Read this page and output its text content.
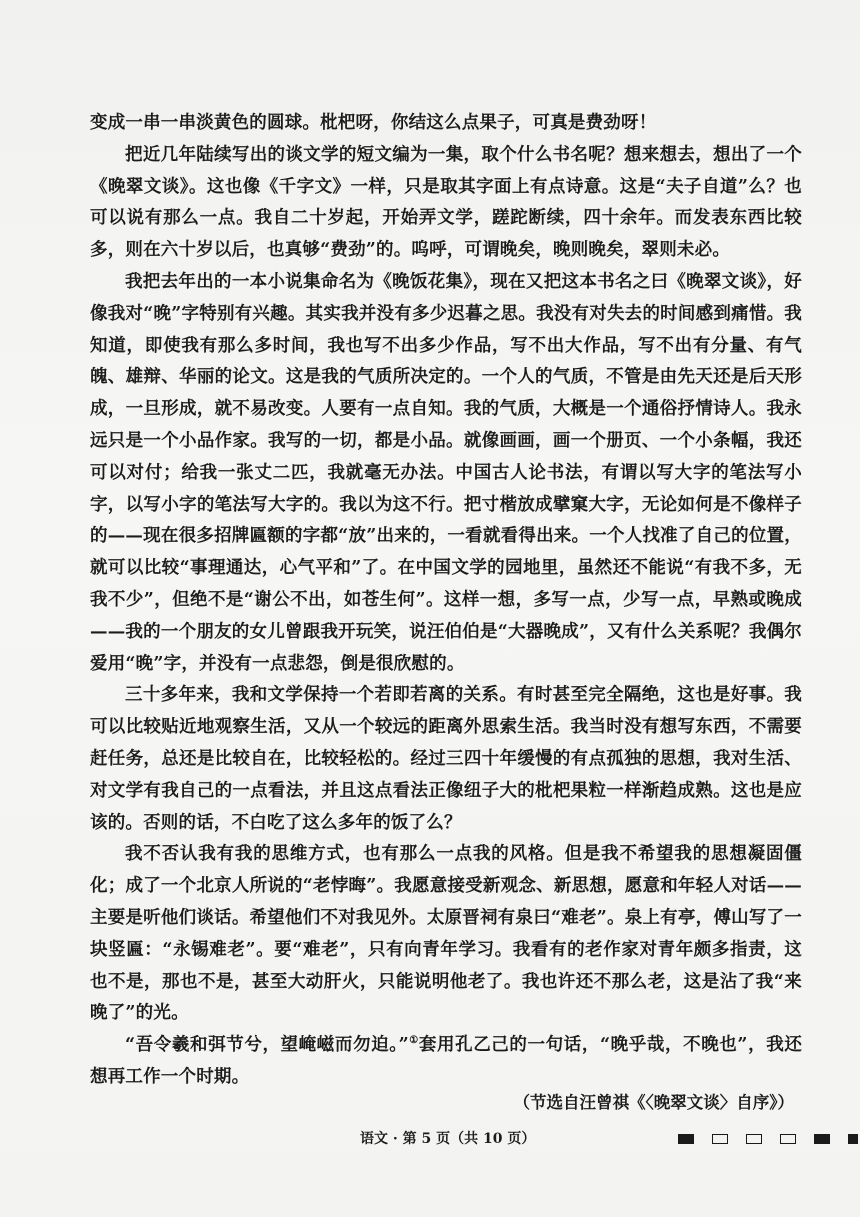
变成一串一串淡黄色的圆球。枇杷呀，你结这么点果子，可真是费劲呀！

把近几年陆续写出的谈文学的短文编为一集，取个什么书名呢？想来想去，想出了一个《晚翠文谈》。这也像《千字文》一样，只是取其字面上有点诗意。这是“夫子自道”么？也可以说有那么一点。我自二十岁起，开始弄文学，蹉跎断续，四十余年。而发表东西比较多，则在六十岁以后，也真够“费劲”的。呜呼，可谓晚矣，晚则晚矣，翠则未必。

我把去年出的一本小说集命名为《晚饭花集》，现在又把这本书名之曰《晚翠文谈》，好像我对“晚”字特别有兴趣。其实我并没有多少迟暮之思。我没有对失去的时间感到痛惜。我知道，即使我有那么多时间，我也写不出多少作品，写不出大作品，写不出有分量、有气魄、雄辩、华丽的论文。这是我的气质所决定的。一个人的气质，不管是由先天还是后天形成，一旦形成，就不易改变。人要有一点自知。我的气质，大概是一个通俗抒情诗人。我永远只是一个小品作家。我写的一切，都是小品。就像画画，画一个册页、一个小条幅，我还可以对付；给我一张丈二匹，我就毫无办法。中国古人论书法，有谓以写大字的笔法写小字，以写小字的笔法写大字的。我以为这不行。把寸楷放成擘窠大字，无论如何是不像样子的——现在很多招牌匾额的字都“放”出来的，一看就看得出来。一个人找准了自己的位置，就可以比较“事理通达，心气平和”了。在中国文学的园地里，虽然还不能说“有我不多，无我不少”，但绝不是“谢公不出，如苍生何”。这样一想，多写一点，少写一点，早熟或晚成——我的一个朋友的女儿曾跟我开玩笑，说汪伯伯是“大器晚成”，又有什么关系呢？我偶尔爱用“晚”字，并没有一点悲怨，倒是很欣慰的。

三十多年来，我和文学保持一个若即若离的关系。有时甚至完全隔绝，这也是好事。我可以比较贴近地观察生活，又从一个较远的距离外思索生活。我当时没有想写东西，不需要赶任务，总还是比较自在，比较轻松的。经过三四十年缓慢的有点孤独的思想，我对生活、对文学有我自己的一点看法，并且这点看法正像纽子大的枇杷果粒一样渐趋成熟。这也是应该的。否则的话，不白吃了这么多年的饭了么？

我不否认我有我的思维方式，也有那么一点我的风格。但是我不希望我的思想凝固僵化；成了一个北京人所说的“老悖晦”。我愿意接受新观念、新思想，愿意和年轻人对话——主要是听他们谈话。希望他们不对我见外。太原晋祠有泉曰“难老”。泉上有亭，傅山写了一块竖匾：“永锡难老”。要“难老”，只有向青年学习。我看有的老作家对青年颇多指责，这也不是，那也不是，甚至大动肝火，只能说明他老了。我也许还不那么老，这是沾了我“来晚了”的光。

“吾令羲和弭节兮，望崦嵫而勿迫。”①套用孔乙己的一句话，“晚乎哉，不晚也”，我还想再工作一个时期。

（节选自汪曾祺《〈晚翠文谈〉自序》）
语文 · 第 5 页（共 10 页）
